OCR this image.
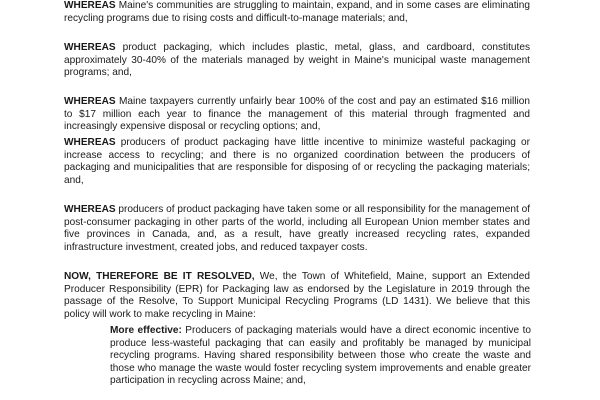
WHEREAS Maine's communities are struggling to maintain, expand, and in some cases are eliminating recycling programs due to rising costs and difficult-to-manage materials; and,

WHEREAS product packaging, which includes plastic, metal, glass, and cardboard, constitutes approximately 30-40% of the materials managed by weight in Maine's municipal waste management programs; and,

WHEREAS Maine taxpayers currently unfairly bear 100% of the cost and pay an estimated $16 million to $17 million each year to finance the management of this material through fragmented and increasingly expensive disposal or recycling options; and,

WHEREAS producers of product packaging have little incentive to minimize wasteful packaging or increase access to recycling; and there is no organized coordination between the producers of packaging and municipalities that are responsible for disposing of or recycling the packaging materials; and,

WHEREAS producers of product packaging have taken some or all responsibility for the management of post-consumer packaging in other parts of the world, including all European Union member states and five provinces in Canada, and, as a result, have greatly increased recycling rates, expanded infrastructure investment, created jobs, and reduced taxpayer costs.

NOW, THEREFORE BE IT RESOLVED, We, the Town of Whitefield, Maine, support an Extended Producer Responsibility (EPR) for Packaging law as endorsed by the Legislature in 2019 through the passage of the Resolve, To Support Municipal Recycling Programs (LD 1431). We believe that this policy will work to make recycling in Maine:

More effective: Producers of packaging materials would have a direct economic incentive to produce less-wasteful packaging that can easily and profitably be managed by municipal recycling programs. Having shared responsibility between those who create the waste and those who manage the waste would foster recycling system improvements and enable greater participation in recycling across Maine; and,
